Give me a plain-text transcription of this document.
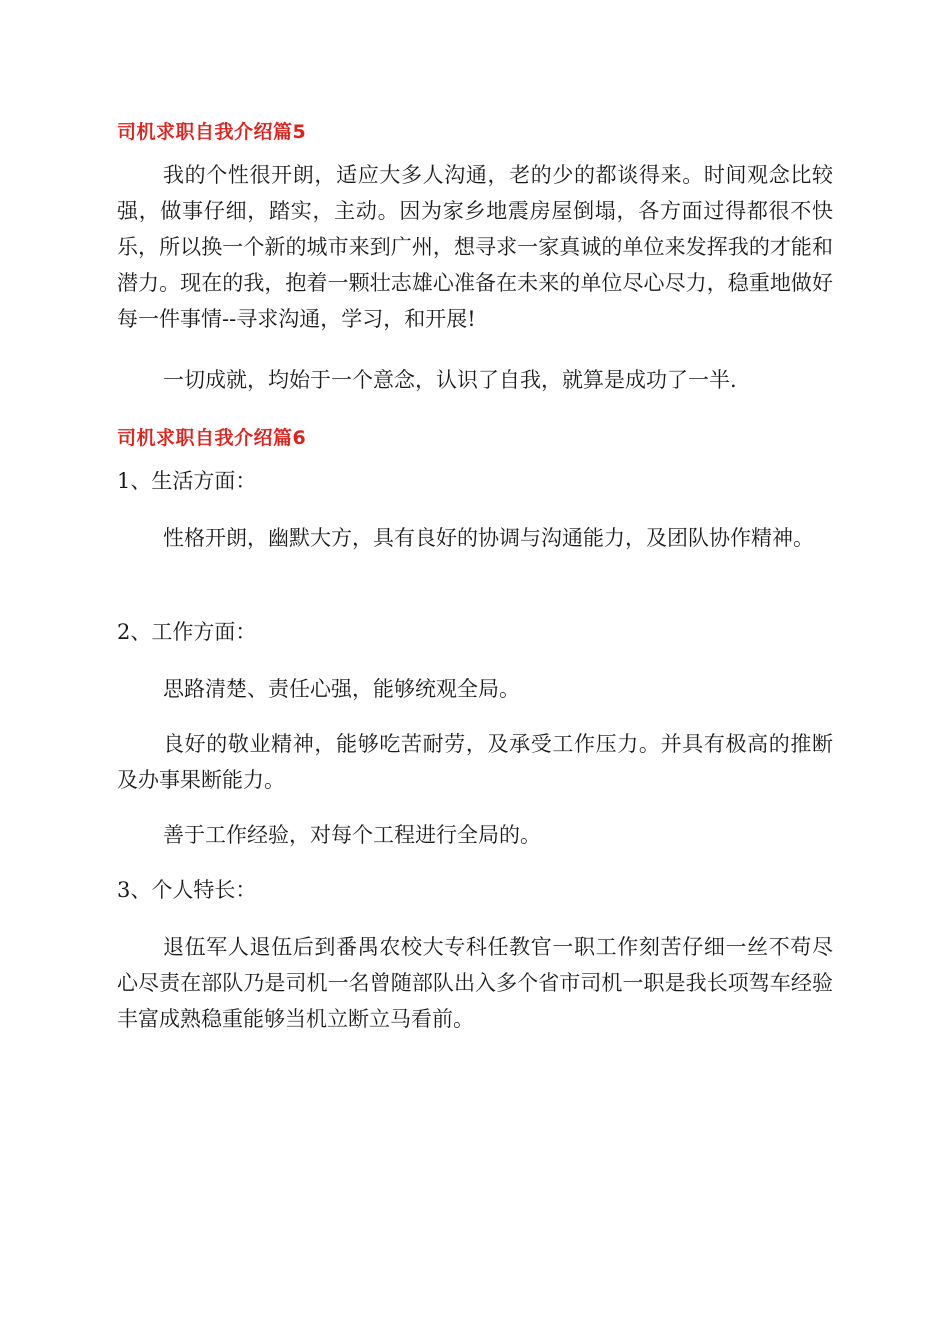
司机求职自我介绍篇5

我的个性很开朗，适应大多人沟通，老的少的都谈得来。时间观念比较强，做事仔细，踏实，主动。因为家乡地震房屋倒塌，各方面过得都很不快乐，所以换一个新的城市来到广州，想寻求一家真诚的单位来发挥我的才能和潜力。现在的我，抱着一颗壮志雄心准备在未来的单位尽心尽力，稳重地做好每一件事情--寻求沟通，学习，和开展!

一切成就，均始于一个意念，认识了自我，就算是成功了一半.

司机求职自我介绍篇6
1、生活方面：

性格开朗，幽默大方，具有良好的协调与沟通能力，及团队协作精神。

2、工作方面：

思路清楚、责任心强，能够统观全局。

良好的敬业精神，能够吃苦耐劳，及承受工作压力。并具有极高的推断及办事果断能力。

善于工作经验，对每个工程进行全局的。

3、个人特长：

退伍军人退伍后到番禺农校大专科任教官一职工作刻苦仔细一丝不苟尽心尽责在部队乃是司机一名曾随部队出入多个省市司机一职是我长项驾车经验丰富成熟稳重能够当机立断立马看前。
